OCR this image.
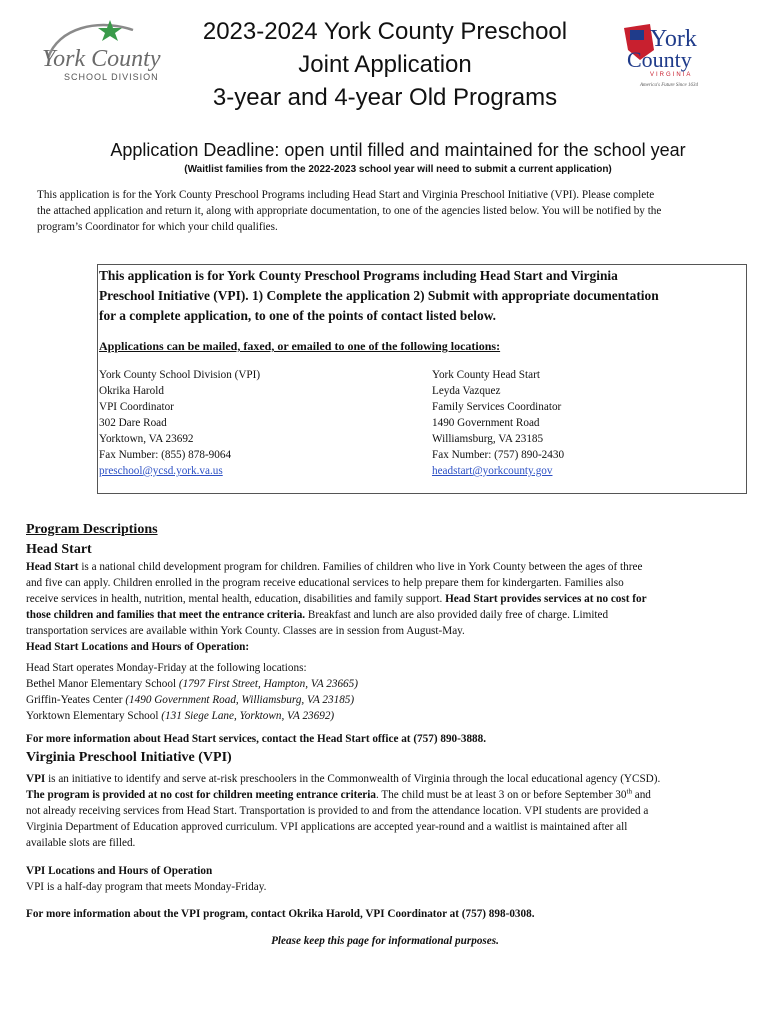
York County
SCHOOL DIVISION
York
County
VIRGINIA
America's Future Since 1634
2023-2024 York County Preschool
Joint Application
3-year and 4-year Old Programs
Application Deadline: open until filled and maintained for the school year
(Waitlist families from the 2022-2023 school year will need to submit a current application)
This application is for the York County Preschool Programs including Head Start and Virginia Preschool Initiative (VPI). Please complete
the attached application and return it, along with appropriate documentation, to one of the agencies listed below. You will be notified by the
program’s Coordinator for which your child qualifies.
This application is for York County Preschool Programs including Head Start and Virginia
Preschool Initiative (VPI). 1) Complete the application 2) Submit with appropriate documentation
for a complete application, to one of the points of contact listed below.
Applications can be mailed, faxed, or emailed to one of the following locations:
York County School Division (VPI)
Okrika Harold
VPI Coordinator
302 Dare Road
Yorktown, VA 23692
Fax Number: (855) 878-9064
preschool@ycsd.york.va.us
York County Head Start
Leyda Vazquez
Family Services Coordinator
1490 Government Road
Williamsburg, VA 23185
Fax Number: (757) 890-2430
headstart@yorkcounty.gov
Program Descriptions
Head Start
Head Start is a national child development program for children. Families of children who live in York County between the ages of three
and five can apply. Children enrolled in the program receive educational services to help prepare them for kindergarten. Families also
receive services in health, nutrition, mental health, education, disabilities and family support. Head Start provides services at no cost for
those children and families that meet the entrance criteria. Breakfast and lunch are also provided daily free of charge. Limited
transportation services are available within York County. Classes are in session from August-May.
Head Start Locations and Hours of Operation:
Head Start operates Monday-Friday at the following locations:
Bethel Manor Elementary School (1797 First Street, Hampton, VA 23665)
Griffin-Yeates Center (1490 Government Road, Williamsburg, VA 23185)
Yorktown Elementary School (131 Siege Lane, Yorktown, VA 23692)
For more information about Head Start services, contact the Head Start office at (757) 890-3888.
Virginia Preschool Initiative (VPI)
VPI is an initiative to identify and serve at-risk preschoolers in the Commonwealth of Virginia through the local educational agency (YCSD).
The program is provided at no cost for children meeting entrance criteria. The child must be at least 3 on or before September 30th and
not already receiving services from Head Start. Transportation is provided to and from the attendance location. VPI students are provided a
Virginia Department of Education approved curriculum. VPI applications are accepted year-round and a waitlist is maintained after all
available slots are filled.
VPI Locations and Hours of Operation
VPI is a half-day program that meets Monday-Friday.
For more information about the VPI program, contact Okrika Harold, VPI Coordinator at (757) 898-0308.
Please keep this page for informational purposes.
